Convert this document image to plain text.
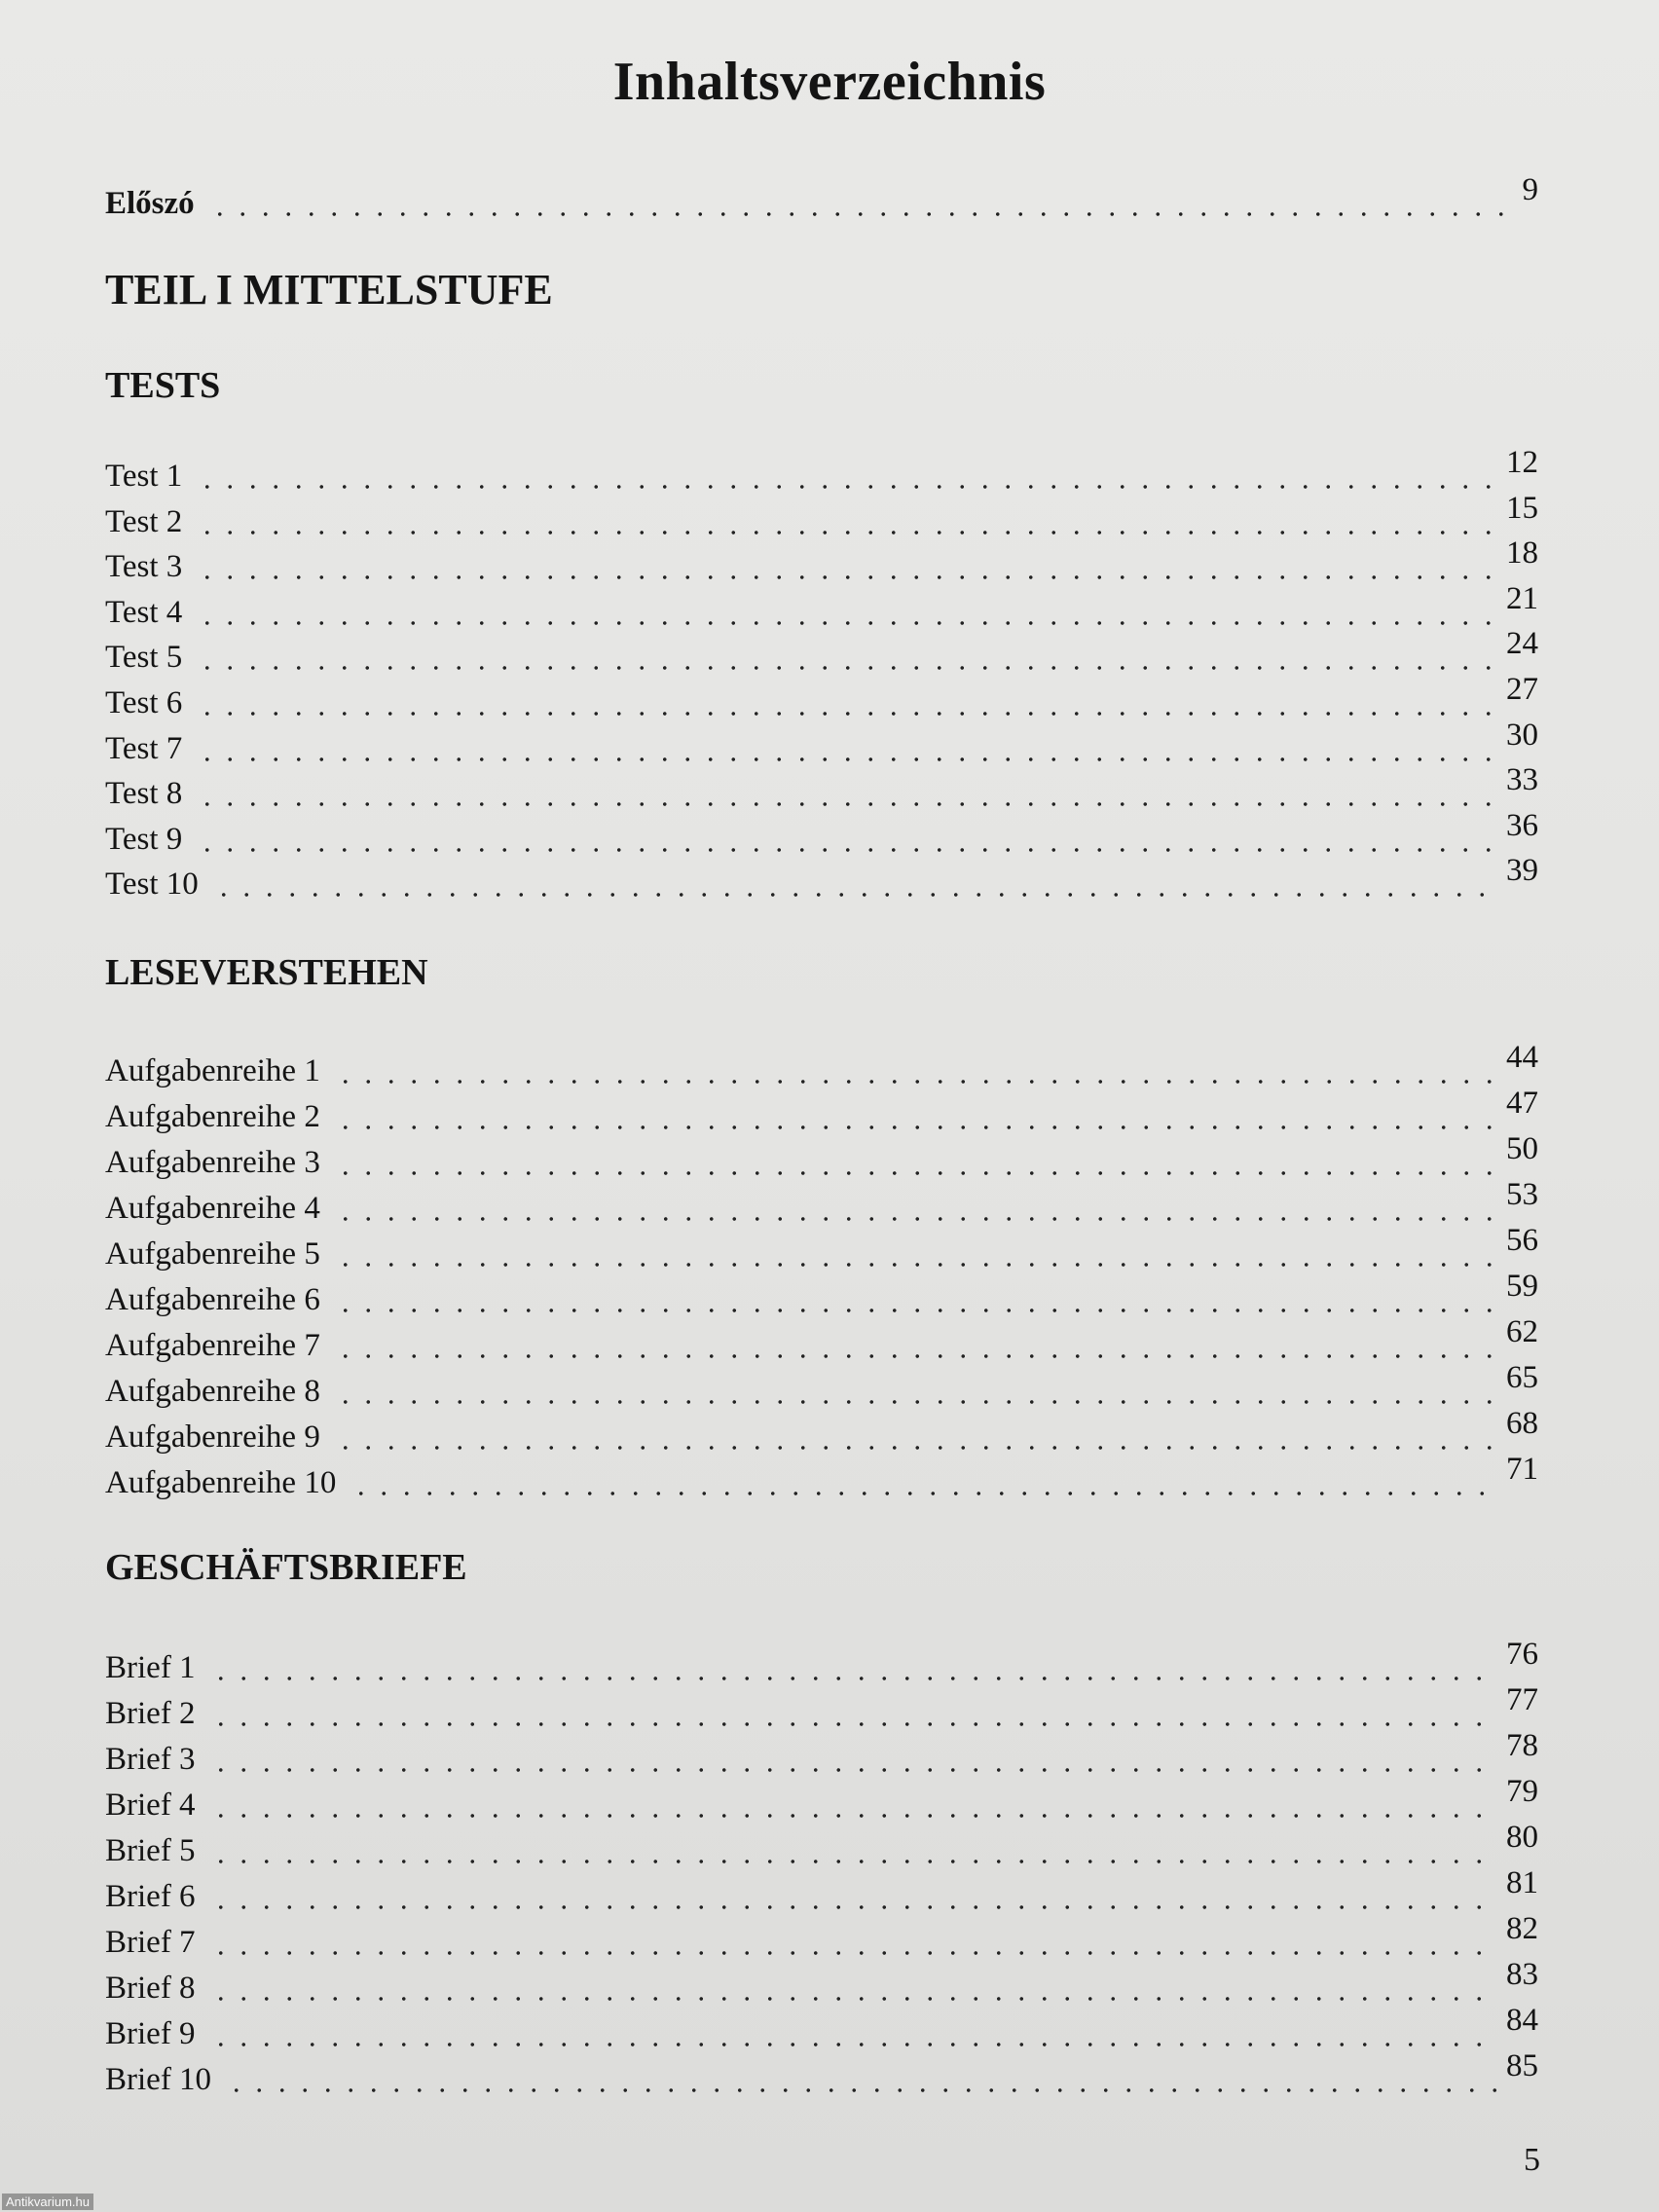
Inhaltsverzeichnis
Előszó	9
TEIL I MITTELSTUFE
TESTS
Test 1	12
Test 2	15
Test 3	18
Test 4	21
Test 5	24
Test 6	27
Test 7	30
Test 8	33
Test 9	36
Test 10	39
LESEVERSTEHEN
Aufgabenreihe 1	44
Aufgabenreihe 2	47
Aufgabenreihe 3	50
Aufgabenreihe 4	53
Aufgabenreihe 5	56
Aufgabenreihe 6	59
Aufgabenreihe 7	62
Aufgabenreihe 8	65
Aufgabenreihe 9	68
Aufgabenreihe 10	71
GESCHÄFTSBRIEFE
Brief 1	76
Brief 2	77
Brief 3	78
Brief 4	79
Brief 5	80
Brief 6	81
Brief 7	82
Brief 8	83
Brief 9	84
Brief 10	85
5
Antikvarium.hu
